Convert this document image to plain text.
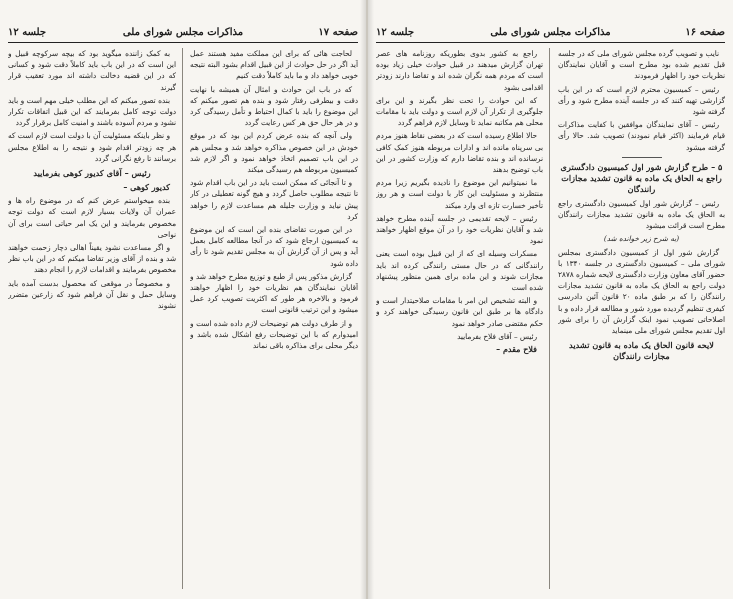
صفحه ۱۷
مذاکرات مجلس شورای ملی
جلسه ۱۲

لحاجت هائی که برای این مملکت مفید هستند عمل آید اگر در حل حوادث از این قبیل اقدام بشود البته نتیجه خوبی خواهد داد و ما باید کاملاً دقت کنیم

که در باب این حوادث و امثال آن همیشه با نهایت دقت و بیطرفی رفتار شود و بنده هم تصور میکنم که این موضوع را باید با کمال احتیاط و تأمل رسیدگی کرد و در هر حال حق هر کس رعایت گردد

ولی آنچه که بنده عرض کردم این بود که در موقع خودش در این خصوص مذاکره خواهد شد و مجلس هم در این باب تصمیم اتخاذ خواهد نمود و اگر لازم شد کمیسیون مربوطه هم رسیدگی میکند

و تا آنجائی که ممکن است باید در این باب اقدام شود تا نتیجه مطلوب حاصل گردد و هیچ گونه تعطیلی در کار پیش نیاید و وزارت جلیله هم مساعدت لازم را خواهد کرد

در این صورت تقاضای بنده این است که این موضوع به کمیسیون ارجاع شود که در آنجا مطالعه کامل بعمل آید و پس از آن گزارش آن به مجلس تقدیم شود تا رأی داده شود

گزارش مذکور پس از طبع و توزیع مطرح خواهد شد و آقایان نمایندگان هم نظریات خود را اظهار خواهند فرمود و بالاخره هر طور که اکثریت تصویب کرد عمل میشود و این ترتیب قانونی است

و از طرف دولت هم توضیحات لازم داده شده است و امیدوارم که با این توضیحات رفع اشکال شده باشد و دیگر محلی برای مذاکره باقی نماند

به کمک زاننده میگوید بود که بیچه سرکوچه قبیل و این است که در این باب باید کاملاً دقت شود و کسانی که در این قضیه دخالت داشته اند مورد تعقیب قرار گیرند

بنده تصور میکنم که این مطلب خیلی مهم است و باید دولت توجه کامل بفرمایند که این قبیل اتفاقات تکرار نشود و مردم آسوده باشند و امنیت کامل برقرار گردد

و نظر باینکه مسئولیت آن با دولت است لازم است که هر چه زودتر اقدام شود و نتیجه را به اطلاع مجلس برسانند تا رفع نگرانی گردد

رئیس – آقای کدیور کوهی بفرمایید

کدیور کوهی –

بنده میخواستم عرض کنم که در موضوع راه ها و عمران آن ولایات بسیار لازم است که دولت توجه مخصوص بفرمایند و این یک امر حیاتی است برای آن نواحی

و اگر مساعدت نشود یقیناً اهالی دچار زحمت خواهند شد و بنده از آقای وزیر تقاضا میکنم که در این باب نظر مخصوص بفرمایند و اقدامات لازم را انجام دهند

و مخصوصاً در موقعی که محصول بدست آمده باید وسایل حمل و نقل آن فراهم شود که زارعین متضرر نشوند

صفحه ۱۶
مذاکرات مجلس شورای ملی
جلسه ۱۲

نایب و تصویب گرده مجلس شورای ملی که در جلسه قبل تقدیم شده بود مطرح است و آقایان نمایندگان نظریات خود را اظهار فرمودند

رئیس – کمیسیون محترم لازم است که در این باب گزارشی تهیه کنند که در جلسه آینده مطرح شود و رأی گرفته شود

رئیس – آقای نمایندگان موافقین با کفایت مذاکرات قیام فرمایند (اکثر قیام نمودند) تصویب شد. حالا رأی گرفته میشود

۵ – طرح گزارش شور اول کمیسیون دادگستری راجع به الحاق یک ماده به قانون تشدید مجازات رانندگان

رئیس – گزارش شور اول کمیسیون دادگستری راجع به الحاق یک ماده به قانون تشدید مجازات رانندگان مطرح است قرائت میشود

(به شرح زیر خوانده شد)

گزارش شور اول از کمیسیون دادگستری بمجلس شورای ملی – کمیسیون دادگستری در جلسه ۱۳۴۰ با حضور آقای معاون وزارت دادگستری لایحه شماره ۲۸۷۸ دولت راجع به الحاق یک ماده به قانون تشدید مجازات رانندگان را که بر طبق ماده ۲۰ قانون آئین دادرسی کیفری تنظیم گردیده مورد شور و مطالعه قرار داده و با اصلاحاتی تصویب نمود اینک گزارش آن را برای شور اول تقدیم مجلس شورای ملی مینماید

لایحه قانون الحاق یک ماده به قانون تشدید مجازات رانندگان

راجع به کشور بدوی بطوریکه روزنامه های عصر تهران گزارش میدهند در قبیل حوادث خیلی زیاد بوده است که مردم همه نگران شده اند و تقاضا دارند زودتر اقدامی بشود

که این حوادث را تحت نظر بگیرند و این برای جلوگیری از تکرار آن لازم است و دولت باید با مقامات محلی هم مکاتبه نماید تا وسایل لازم فراهم گردد

حالا اطلاع رسیده است که در بعضی نقاط هنوز مردم بی سرپناه مانده اند و ادارات مربوطه هنوز کمک کافی نرسانده اند و بنده تقاضا دارم که وزارت کشور در این باب توضیح بدهند

ما نمیتوانیم این موضوع را نادیده بگیریم زیرا مردم منتظرند و مسئولیت این کار با دولت است و هر روز تأخیر خسارت تازه ای وارد میکند

رئیس – لایحه تقدیمی در جلسه آینده مطرح خواهد شد و آقایان نظریات خود را در آن موقع اظهار خواهند نمود

مسکرات وسیله ای که از این قبیل بوده است یعنی رانندگانی که در حال مستی رانندگی کرده اند باید مجازات شوند و این ماده برای همین منظور پیشنهاد شده است

و البته تشخیص این امر با مقامات صلاحیتدار است و دادگاه ها بر طبق این قانون رسیدگی خواهند کرد و حکم مقتضی صادر خواهد نمود

رئیس – آقای فلاح بفرمایید

فلاح مقدم –
